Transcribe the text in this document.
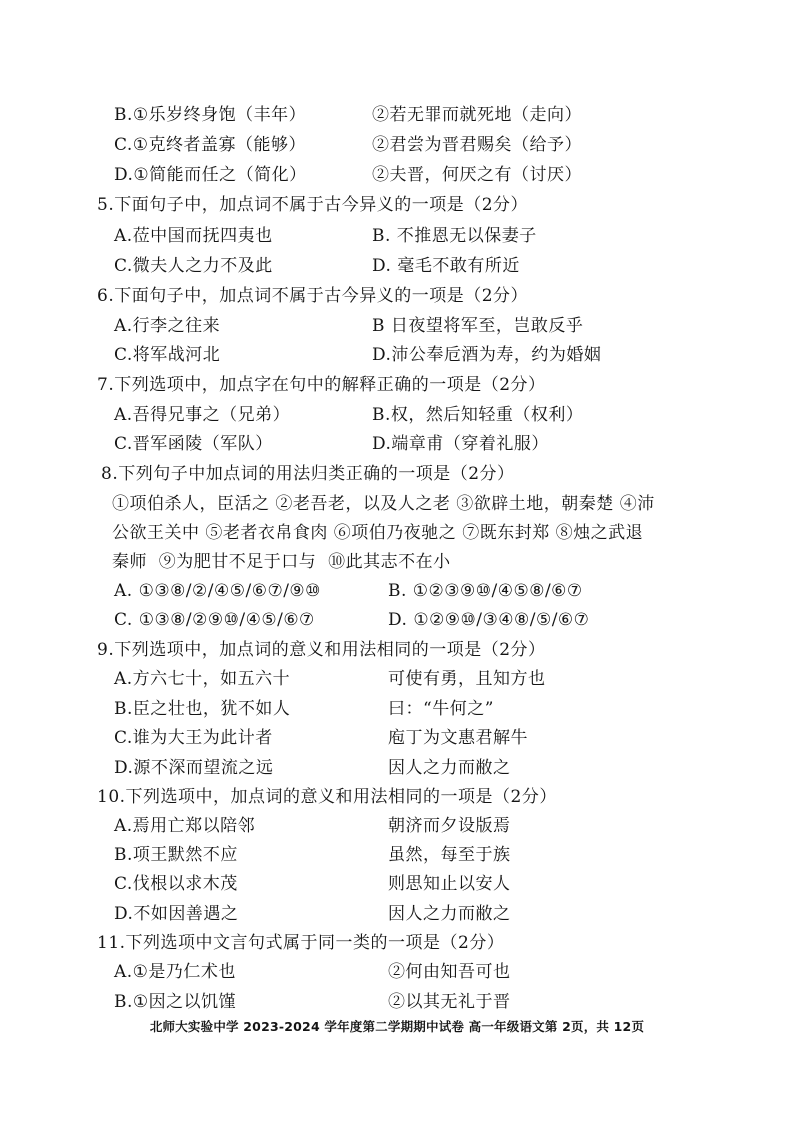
B.①乐岁终身饱（丰年）	②若无罪而就死地（走向）
C.①克终者盖寡（能够）	②君尝为晋君赐矣（给予）
D.①简能而任之（简化）	②夫晋，何厌之有（讨厌）
5.下面句子中，加点词不属于古今异义的一项是（2分）
A.莅中国而抚四夷也	B. 不推恩无以保妻子
C.微夫人之力不及此	D. 毫毛不敢有所近
6.下面句子中，加点词不属于古今异义的一项是（2分）
A.行李之往来	B 日夜望将军至，岂敢反乎
C.将军战河北	D.沛公奉卮酒为寿，约为婚姻
7.下列选项中，加点字在句中的解释正确的一项是（2分）
A.吾得兄事之（兄弟）	B.权，然后知轻重（权利）
C.晋军函陵（军队）	D.端章甫（穿着礼服）
8.下列句子中加点词的用法归类正确的一项是（2分）
①项伯杀人，臣活之 ②老吾老，以及人之老 ③欲辟土地，朝秦楚 ④沛
公欲王关中 ⑤老者衣帛食肉 ⑥项伯乃夜驰之 ⑦既东封郑 ⑧烛之武退
秦师  ⑨为肥甘不足于口与  ⑩此其志不在小
A. ①③⑧/②/④⑤/⑥⑦/⑨⑩	B. ①②③⑨⑩/④⑤⑧/⑥⑦
C. ①③⑧/②⑨⑩/④⑤/⑥⑦	D. ①②⑨⑩/③④⑧/⑤/⑥⑦
9.下列选项中，加点词的意义和用法相同的一项是（2分）
A.方六七十，如五六十	可使有勇，且知方也
B.臣之壮也，犹不如人	曰：“牛何之”
C.谁为大王为此计者	庖丁为文惠君解牛
D.源不深而望流之远	因人之力而敝之
10.下列选项中，加点词的意义和用法相同的一项是（2分）
A.焉用亡郑以陪邻	朝济而夕设版焉
B.项王默然不应	虽然，每至于族
C.伐根以求木茂	则思知止以安人
D.不如因善遇之	因人之力而敝之
11.下列选项中文言句式属于同一类的一项是（2分）
A.①是乃仁术也	②何由知吾可也
B.①因之以饥馑	②以其无礼于晋
北师大实验中学 2023-2024 学年度第二学期期中试卷 高一年级语文第 2页，共 12页
